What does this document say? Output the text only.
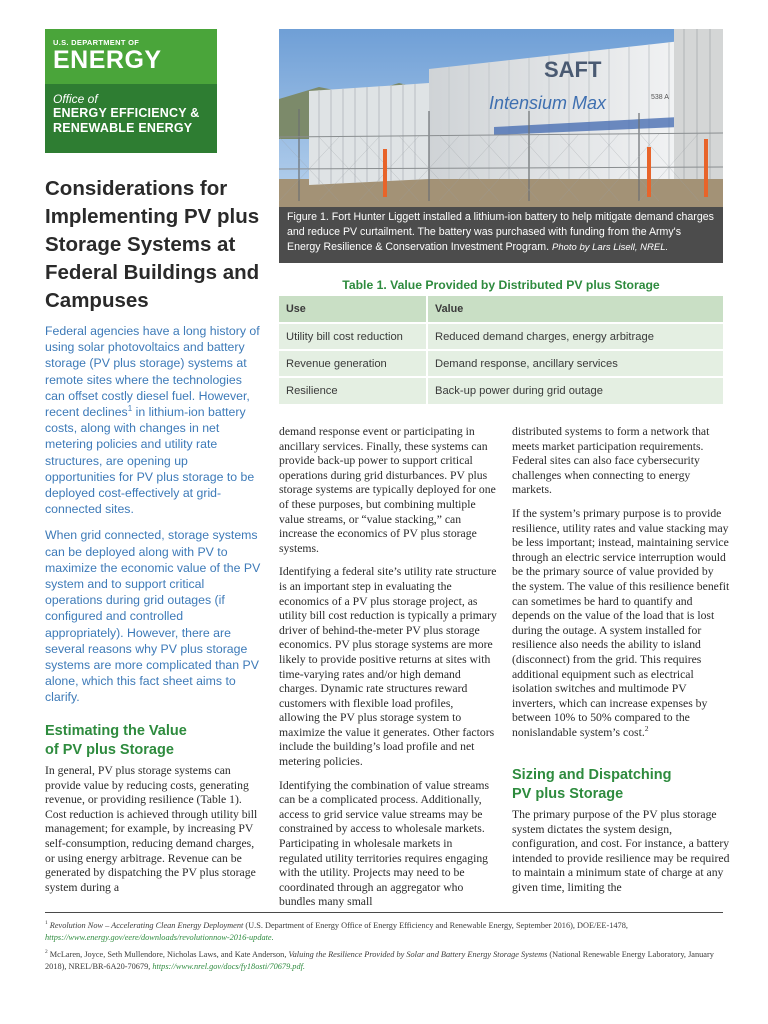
U.S. DEPARTMENT OF
ENERGY
Office of
ENERGY EFFICIENCY &
RENEWABLE ENERGY
Considerations for Implementing PV plus Storage Systems at Federal Buildings and Campuses

Federal agencies have a long history of using solar photovoltaics and battery storage (PV plus storage) systems at remote sites where the technologies can offset costly diesel fuel. However, recent declines$^1$ in lithium-ion battery costs, along with changes in net metering policies and utility rate structures, are opening up opportunities for PV plus storage to be deployed cost-effectively at grid-connected sites.

When grid connected, storage systems can be deployed along with PV to maximize the economic value of the PV system and to support critical operations during grid outages (if configured and controlled appropriately). However, there are several reasons why PV plus storage systems are more complicated than PV alone, which this fact sheet aims to clarify.

SAFT
Intensium Max	538 A
Figure 1. Fort Hunter Liggett installed a lithium-ion battery to help mitigate demand charges and reduce PV curtailment. The battery was purchased with funding from the Army's Energy Resilience & Conservation Investment Program. Photo by Lars Lisell, NREL.
Table 1. Value Provided by Distributed PV plus Storage
Use	Value
Utility bill cost reduction	Reduced demand charges, energy arbitrage
Revenue generation	Demand response, ancillary services
Resilience	Back-up power during grid outage
Estimating the Value
of PV plus Storage
In general, PV plus storage systems can provide value by reducing costs, generating revenue, or providing resilience (Table 1). Cost reduction is achieved through utility bill management; for example, by increasing PV self-consumption, reducing demand charges, or using energy arbitrage. Revenue can be generated by dispatching the PV plus storage system during a

demand response event or participating in ancillary services. Finally, these systems can provide back-up power to support critical operations during grid disturbances. PV plus storage systems are typically deployed for one of these purposes, but combining multiple value streams, or “value stacking,” can increase the economics of PV plus storage systems.

Identifying a federal site’s utility rate structure is an important step in evaluating the economics of a PV plus storage project, as utility bill cost reduction is typically a primary driver of behind-the-meter PV plus storage economics. PV plus storage systems are more likely to provide positive returns at sites with time-varying rates and/or high demand charges. Dynamic rate structures reward customers with flexible load profiles, allowing the PV plus storage system to maximize the value it generates. Other factors include the building’s load profile and net metering policies.

Identifying the combination of value streams can be a complicated process. Additionally, access to grid service value streams may be constrained by access to wholesale markets. Participating in wholesale markets in regulated utility territories requires engaging with the utility. Projects may need to be coordinated through an aggregator who bundles many small

distributed systems to form a network that meets market participation requirements. Federal sites can also face cybersecurity challenges when connecting to energy markets.

If the system’s primary purpose is to provide resilience, utility rates and value stacking may be less important; instead, maintaining service through an electric service interruption would be the primary source of value provided by the system. The value of this resilience benefit can sometimes be hard to quantify and depends on the value of the load that is lost during the outage. A system installed for resilience also needs the ability to island (disconnect) from the grid. This requires additional equipment such as electrical isolation switches and multimode PV inverters, which can increase expenses by between 10% to 50% compared to the nonislandable system’s cost.$^2$

Sizing and Dispatching
PV plus Storage
The primary purpose of the PV plus storage system dictates the system design, configuration, and cost. For instance, a battery intended to provide resilience may be required to maintain a minimum state of charge at any given time, limiting the

$^1$ Revolution Now – Accelerating Clean Energy Deployment (U.S. Department of Energy Office of Energy Efficiency and Renewable Energy, September 2016), DOE/EE-1478, https://www.energy.gov/eere/downloads/revolutionnow-2016-update.

$^2$ McLaren, Joyce, Seth Mullendore, Nicholas Laws, and Kate Anderson, Valuing the Resilience Provided by Solar and Battery Energy Storage Systems (National Renewable Energy Laboratory, January 2018), NREL/BR-6A20-70679, https://www.nrel.gov/docs/fy18osti/70679.pdf.
